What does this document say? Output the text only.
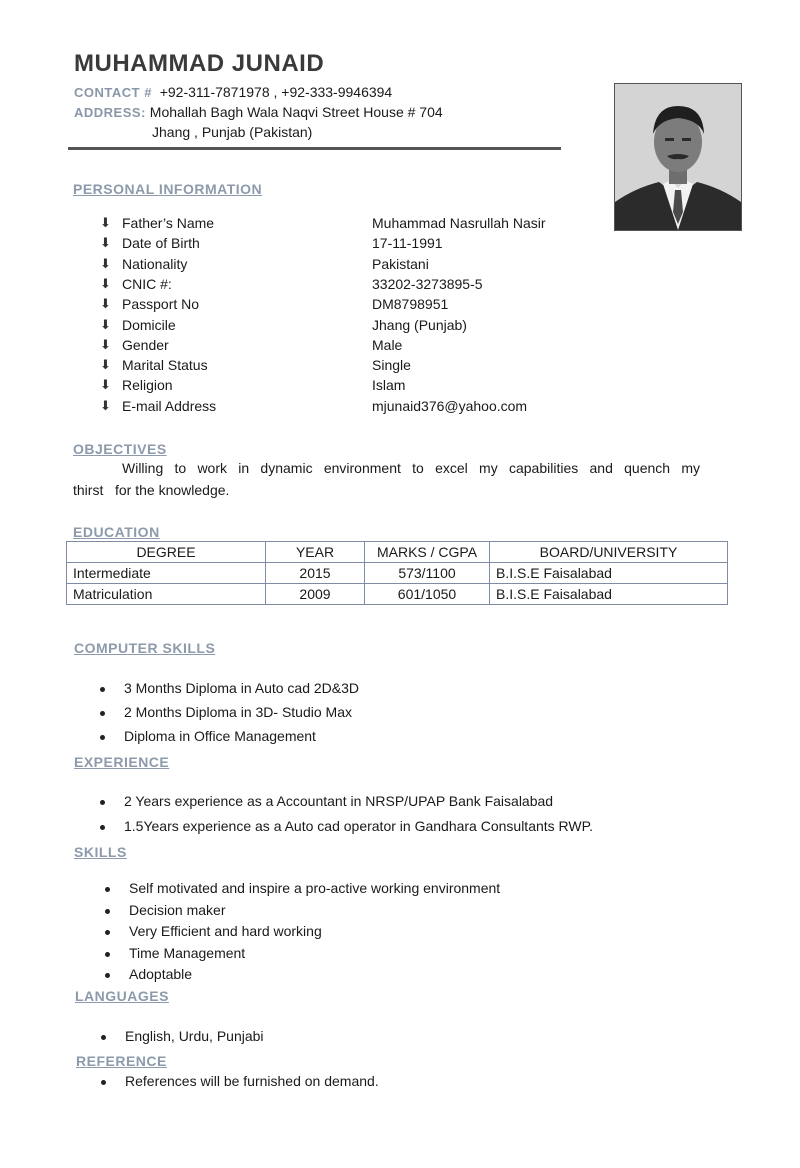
MUHAMMAD JUNAID
CONTACT # +92-311-7871978 , +92-333-9946394
ADDRESS: Mohallah Bagh Wala Naqvi Street House # 704
Jhang , Punjab (Pakistan)
PERSONAL INFORMATION
⬇︎ Father’s Name	Muhammad Nasrullah Nasir
⬇︎ Date of Birth	17-11-1991
⬇︎ Nationality	Pakistani
⬇︎ CNIC #:	33202-3273895-5
⬇︎ Passport No	DM8798951
⬇︎ Domicile	Jhang (Punjab)
⬇︎ Gender	Male
⬇︎ Marital Status	Single
⬇︎ Religion	Islam
⬇︎ E-mail Address	mjunaid376@yahoo.com
OBJECTIVES
Willing to work in dynamic environment to excel my capabilities and quench my
thirst   for the knowledge.
EDUCATION
DEGREE	YEAR	MARKS / CGPA	BOARD/UNIVERSITY
Intermediate	2015	573/1100	B.I.S.E Faisalabad
Matriculation	2009	601/1050	B.I.S.E Faisalabad
COMPUTER SKILLS
3 Months Diploma in Auto cad 2D&3D
2 Months Diploma in 3D- Studio Max
Diploma in Office Management
EXPERIENCE
2 Years experience as a Accountant in NRSP/UPAP Bank Faisalabad
1.5Years experience as a Auto cad operator in Gandhara Consultants RWP.
SKILLS
Self motivated and inspire a pro-active working environment
Decision maker
Very Efficient and hard working
Time Management
Adoptable
LANGUAGES
English, Urdu, Punjabi
REFERENCE
References will be furnished on demand.
